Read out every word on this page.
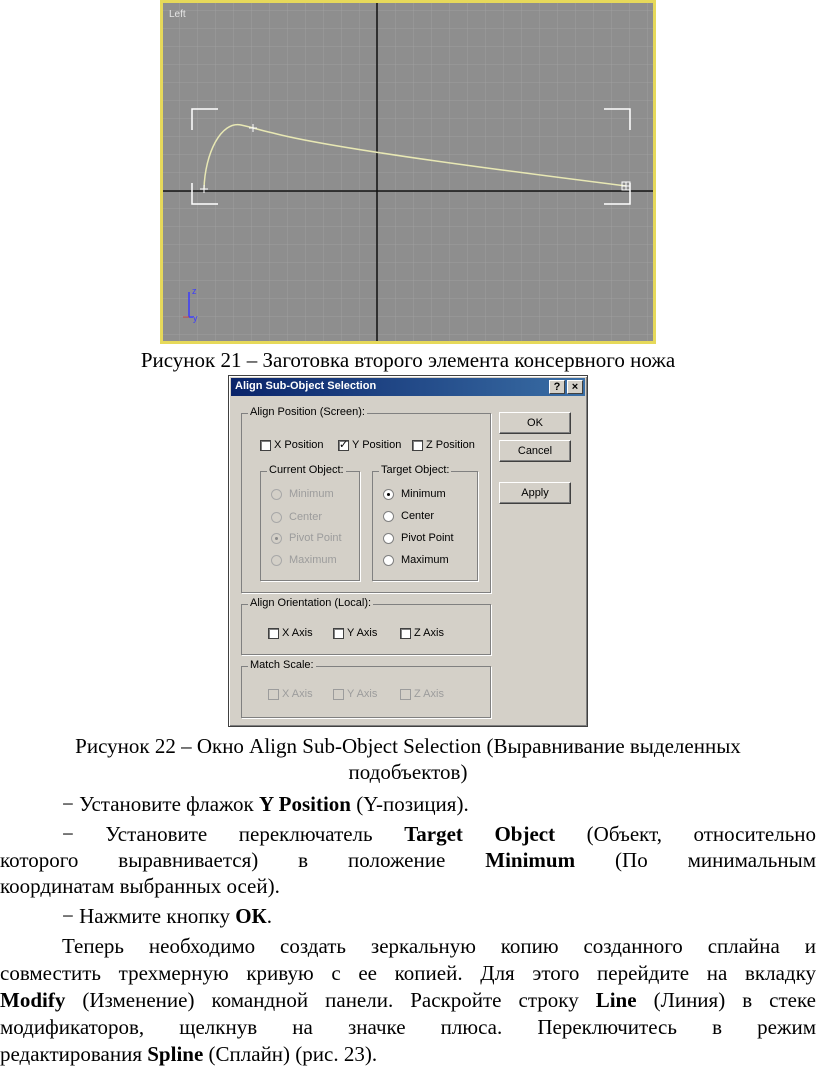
z
y
Left
Рисунок 21 – Заготовка второго элемента консервного ножа
Align Sub-Object Selection	?	×
Align Position (Screen):
X Position ✓ Y Position Z Position
Current Object:
Minimum
Center
Pivot Point
Maximum
Target Object:
Minimum
Center
Pivot Point
Maximum
Align Orientation (Local):
X Axis	Y Axis	Z Axis
Match Scale:
X Axis	Y Axis	Z Axis
OK
Cancel
Apply
Рисунок 22 – Окно Align Sub-Object Selection (Выравнивание выделенных
подобъектов)
− Установите флажок Y Position (Y-позиция).
− Установите переключатель Target Object (Объект, относительно
которого выравнивается) в положение Minimum (По минимальным
координатам выбранных осей).
− Нажмите кнопку ОК.
Теперь необходимо создать зеркальную копию созданного сплайна и
совместить трехмерную кривую с ее копией. Для этого перейдите на вкладку
Modify (Изменение) командной панели. Раскройте строку Line (Линия) в стеке
модификаторов, щелкнув на значке плюса. Переключитесь в режим
редактирования Spline (Сплайн) (рис. 23).
